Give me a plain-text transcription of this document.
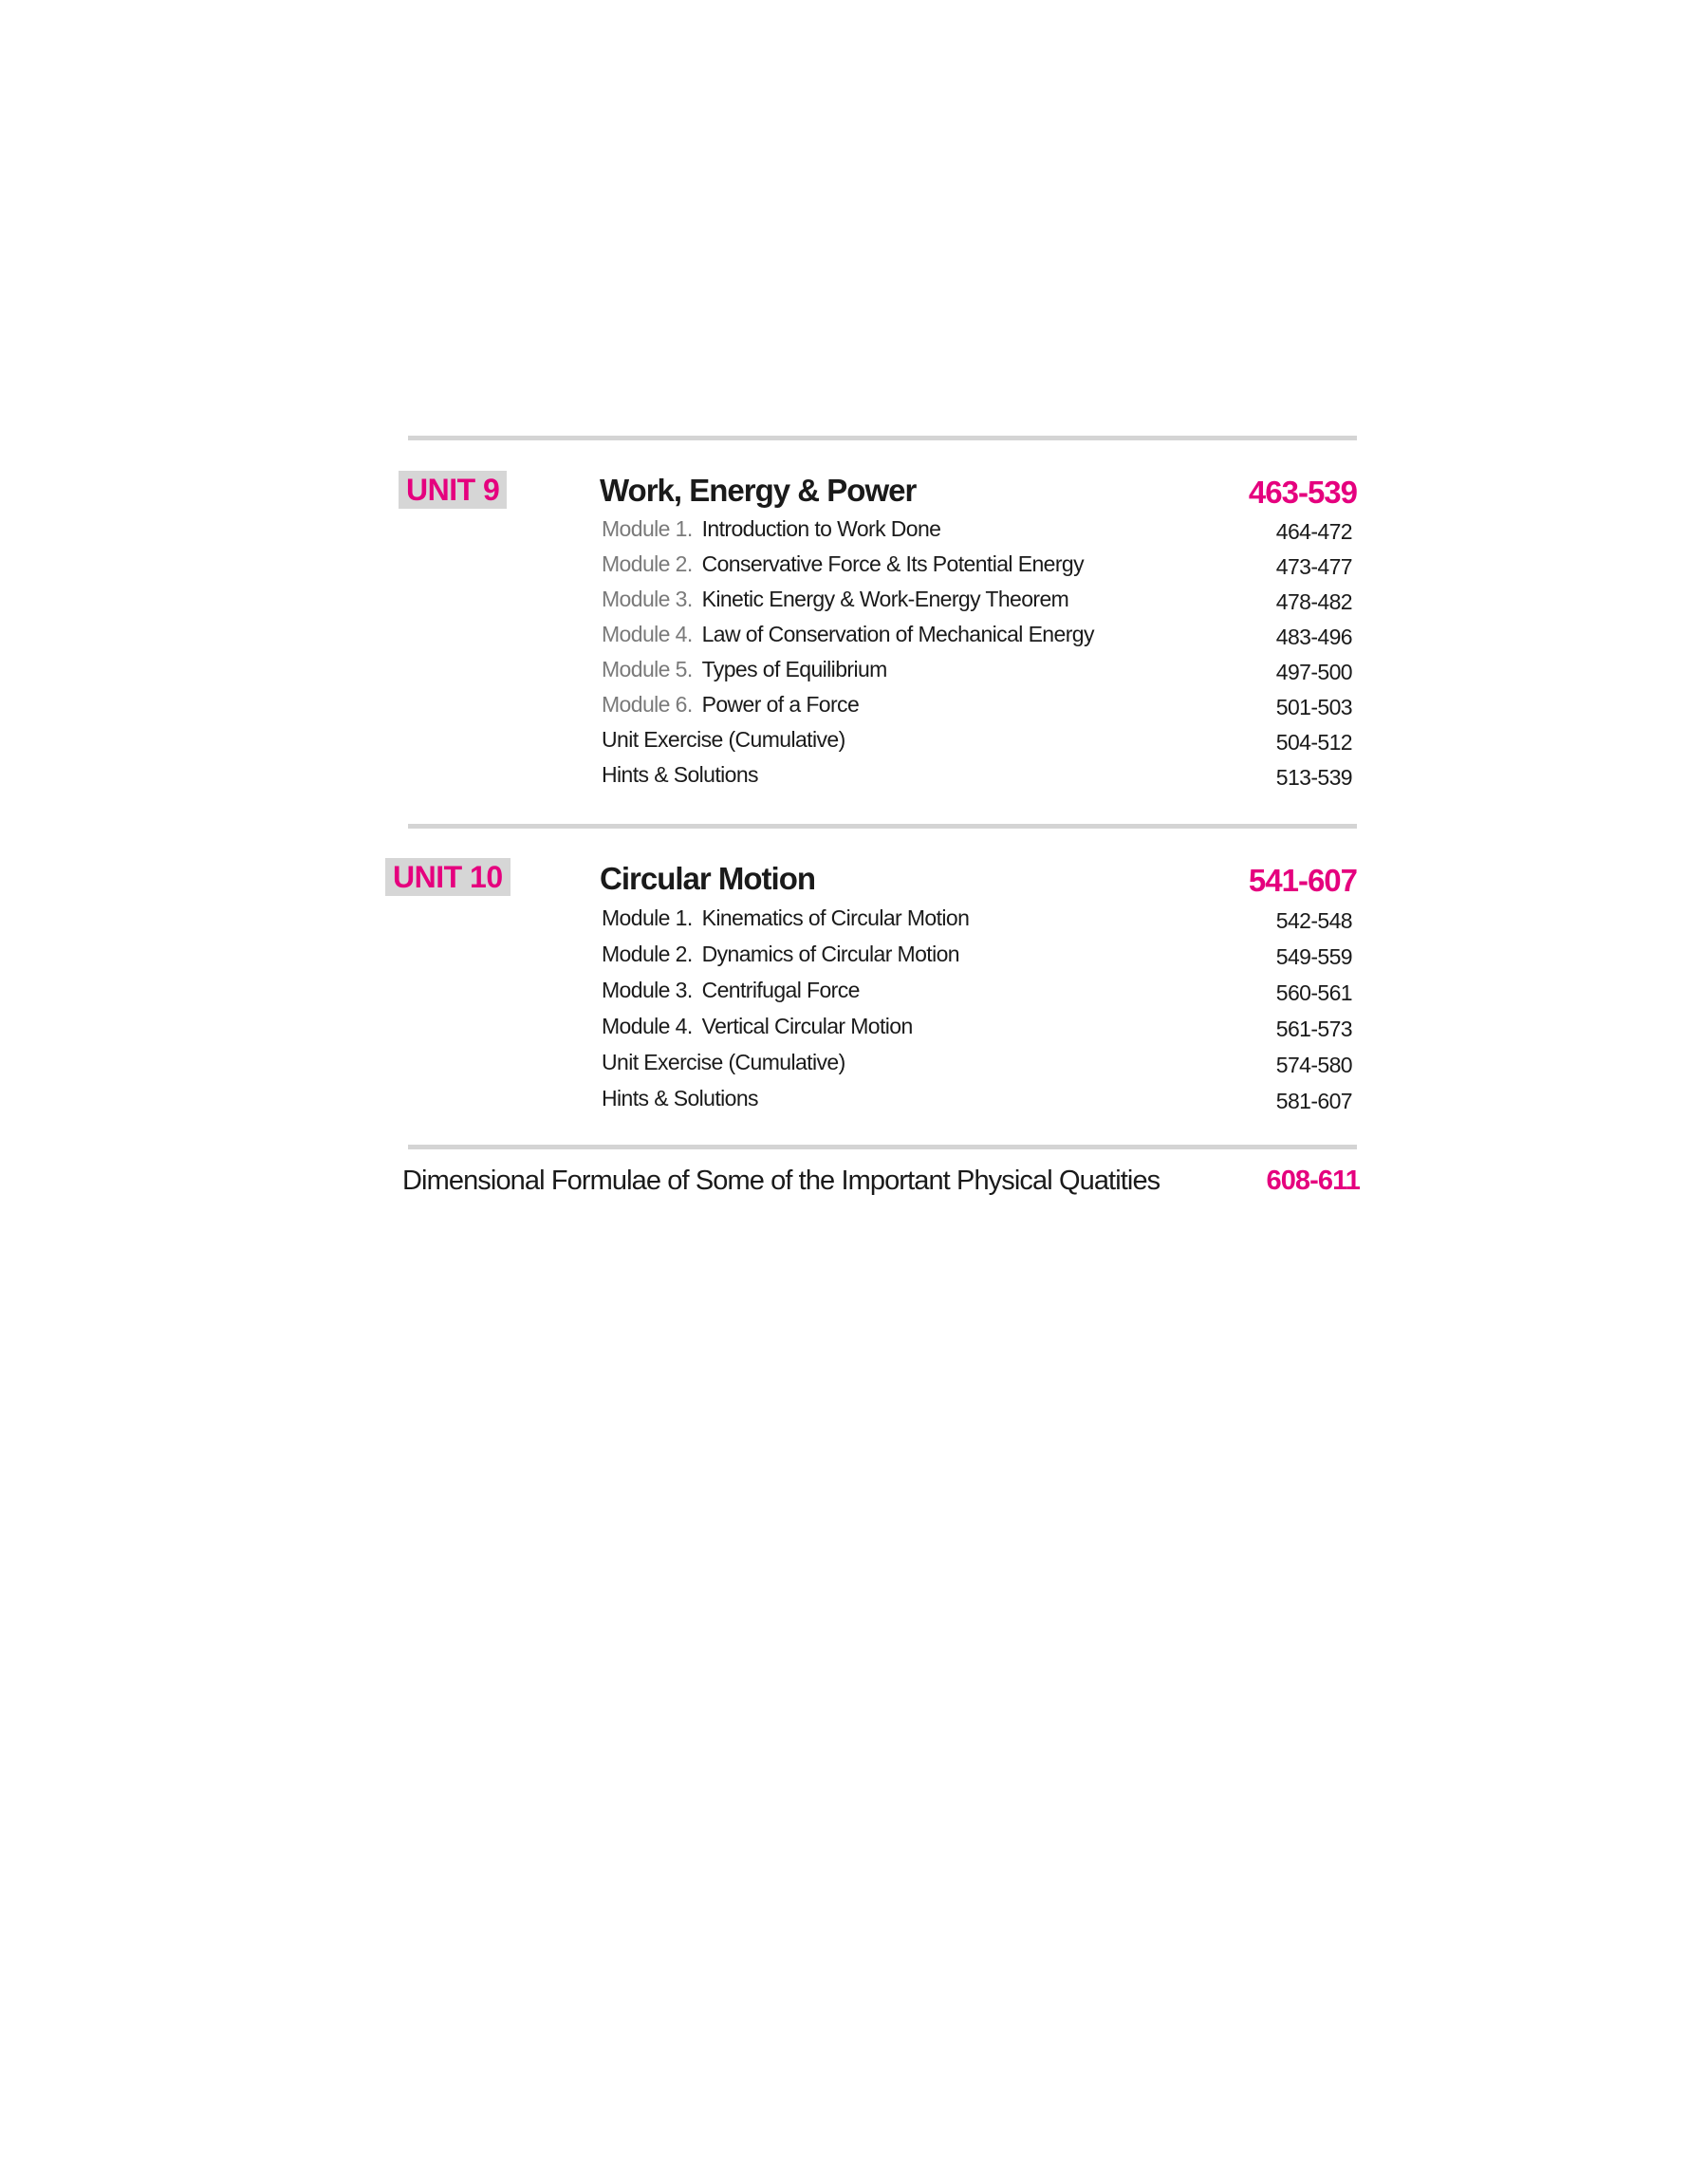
UNIT 9	Work, Energy & Power	463-539
Module 1. Introduction to Work Done	464-472
Module 2. Conservative Force & Its Potential Energy	473-477
Module 3. Kinetic Energy & Work-Energy Theorem	478-482
Module 4. Law of Conservation of Mechanical Energy	483-496
Module 5. Types of Equilibrium	497-500
Module 6. Power of a Force	501-503
Unit Exercise (Cumulative)	504-512
Hints & Solutions	513-539
UNIT 10	Circular Motion	541-607
Module 1. Kinematics of Circular Motion	542-548
Module 2. Dynamics of Circular Motion	549-559
Module 3. Centrifugal Force	560-561
Module 4. Vertical Circular Motion	561-573
Unit Exercise (Cumulative)	574-580
Hints & Solutions	581-607
Dimensional Formulae of Some of the Important Physical Quatities	608-611
